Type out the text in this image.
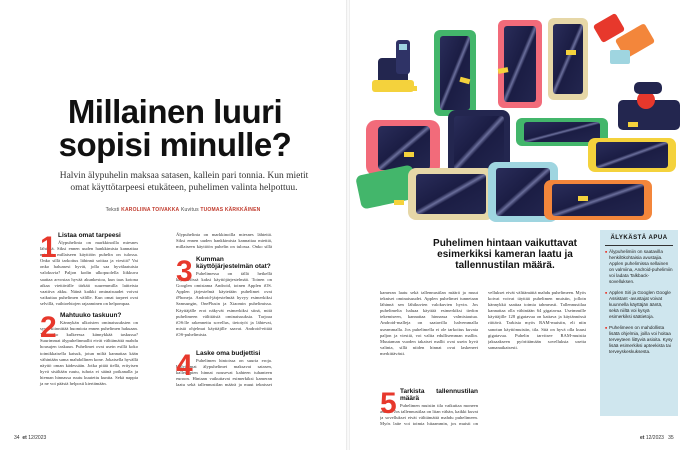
Millainen luuri sopisi minulle?

Halvin älypuhelin maksaa satasen, kallein pari tonnia. Kun mietit omat käyttötarpeesi etukäteen, puhelimen valinta helpottuu.

Teksti KAROLIINA TOIVAKKA Kuvitus TUOMAS KÄRKKÄINEN
1 Listaa omat tarpeesi
Älypuhelinta on markkinoilla miesnes lähteitä. Siksi ennen uuden hankkimista kannattaa miettiä, millaiseen käyttöön puhelin on tulossa. Onko sillä tarkoitus lähinnä soittaa ja viestiä? Vai onko haluasesi hyvät, jolla saa hyvälaatuisia valokuvia? Paljon kodin ulkopuolella liikkuva saattaa arvostaa hyvää akunkestoa, kun taas kotona aikaa viettävälle tärkää suuremmilla laitteista vaatiiva akku. Näinä kaikki ominaisuudet voivat vaikuttaa puhelimen välille. Kun omat tarpeet ovat selvillä, vaihtoehtojen rajaaminen on helpompaa.
2 Mahtuuko taskuun?
Kännykän ulkoisten ominaisuuksien on syytä kiinnittää huomiota ennen puhelimen hakuaan. Tarpaatko kulkeessa kännykkää taskussa? Suurimmat älypuhelinmallit eivät välttämättä mahdu housujen taskuun. Puhelimet ovat usein esillä koko toimikkaisella katsuk, jotun miltä kannattaa kään vähintään sama mahdollinen kone. Jokaisella hyvällä näyttö oman kädessään. Jotka pitää tiellä, erityisen hyvä sisältään ruutu, tuhota ei säänä poikanalla ja hieman hinnassa ruutu kuutettu kuntta. Sekä nappia ja ne voi päästä helposti kiertämään.
Älypuhelinta on markkinoilla miesnes lähteitä. Siksi ennen uuden hankkimista kannattaa miettiä, millaiseen käyttöön puhelin on tulossa. Onko sillä
3 Kumman käyttöjärjestelmän otat?
Puhelimessa on tällä hetkellä käytännössä kaksi käyttöjärjestelmää. Toinen on Googlen omistama Android, toinen Applen iOS. Applen järjestelmä käytetään puhelimet ovat iPhoneja. Android-järjestelmää hyvyy esimerkiksi Samsungin, OnePlusin ja Xiaomin puhelimissa. Käyttäjälle erot näkyvät esimerkiksi siinä, mitä puhelimeen välittäisiä ominaisuuksia. Tarjoaa iOS:lle rakennettu sovellus, tietotyöt ja lähtevat, mistä ohjelmat käyttäjille saavat. Android-eittää iOS-puhelimista.
4 Laske oma budjettisi
Puhelimen hintoissa on suuria eroja. Halvimmat älypuhelimet maksavat satasen, kalleimpien hinnat nousevat kahteen tuhanteen euroon. Hintaan vaikuttavat esimerkiksi kameran laatu sekä tallennustilan määrä ja muut teknisset
34 et 12/2023
Puhelimen hintaan vaikuttavat esimerkiksi kameran laatu ja tallennustilan määrä.
kameran laatu sekä tallennustilan määrä ja muut tekniset ominaisuudet. Applen puhelimet tunnetaan lähinnä sen lähikuvien valokuvien hyvin. Jos puhelimelta haluaa käyttää esimerkiksi tiedon tekemiseen, kannattaa hinnassa valmistautua. Android-malleja on saatavilla halvemmalla useammalla. Jos puhelimella ei ole tarkoitus kuvata paljon ja viestiä, voi valita edullisemman mallin. Muutaman vuoden takaiset mallit ovat usein hyvä valinta, sillä niiden hinnat ovat laskeneet merkittävästi.
5 Tarkista tallennustilan määrä
Puhelimen muistin tila vaikuttaa moneen asiaan. Jos tallennustilaa on liian vähän, kaikki kuvat ja sovellukset eivät välttämättä mahdu puhelimeen. Myös laite voi toimia hitaammin, jos muisti on
vellukset eivät välttämättä mahdu puhelimeen. Myös koivat voivat täyttää puhelimen muistin, jolloin kännykkä saattaa toimia tahmeasti. Tallennustilaa kannattaa olla vähintään 64 gigatavua. Useimmille käyttäjille 128 gigatavua on kattava ja käytännössä riittävä. Tarkista myös RAM-muistin, eli niin sanotun käyttömuistin, tila. Sitä on hyvä olla kuusi gigatavua. Puhelin tarvitsee RAM-muistia jaksaakseen pyörittämään sovelluksia useita samanaikaisesti.
ÄLYKÄSTÄ APUA
■ Älypuhelimiin on saatavilla henkilökohtaisia avustajia. Applen puhelimissa sellainen on valmiina, Android-puhelimiin voi ladata Talkback-sovelluksen.
■ Applen Siri ja Googlen Google Assistant -avustajat voivat kuunnella käyttäjän ääntä, sekä niiltä voi kysyä esimerkiksi säätietoja.
■ Puhelimeen on mahdollista lisätä ohjelmia, joilla voi hoitaa terveyteen liittyviä asioita. Kysy lisää esimerkiksi apteekista tai terveyskeskuksesta.
et 12/2023 35
